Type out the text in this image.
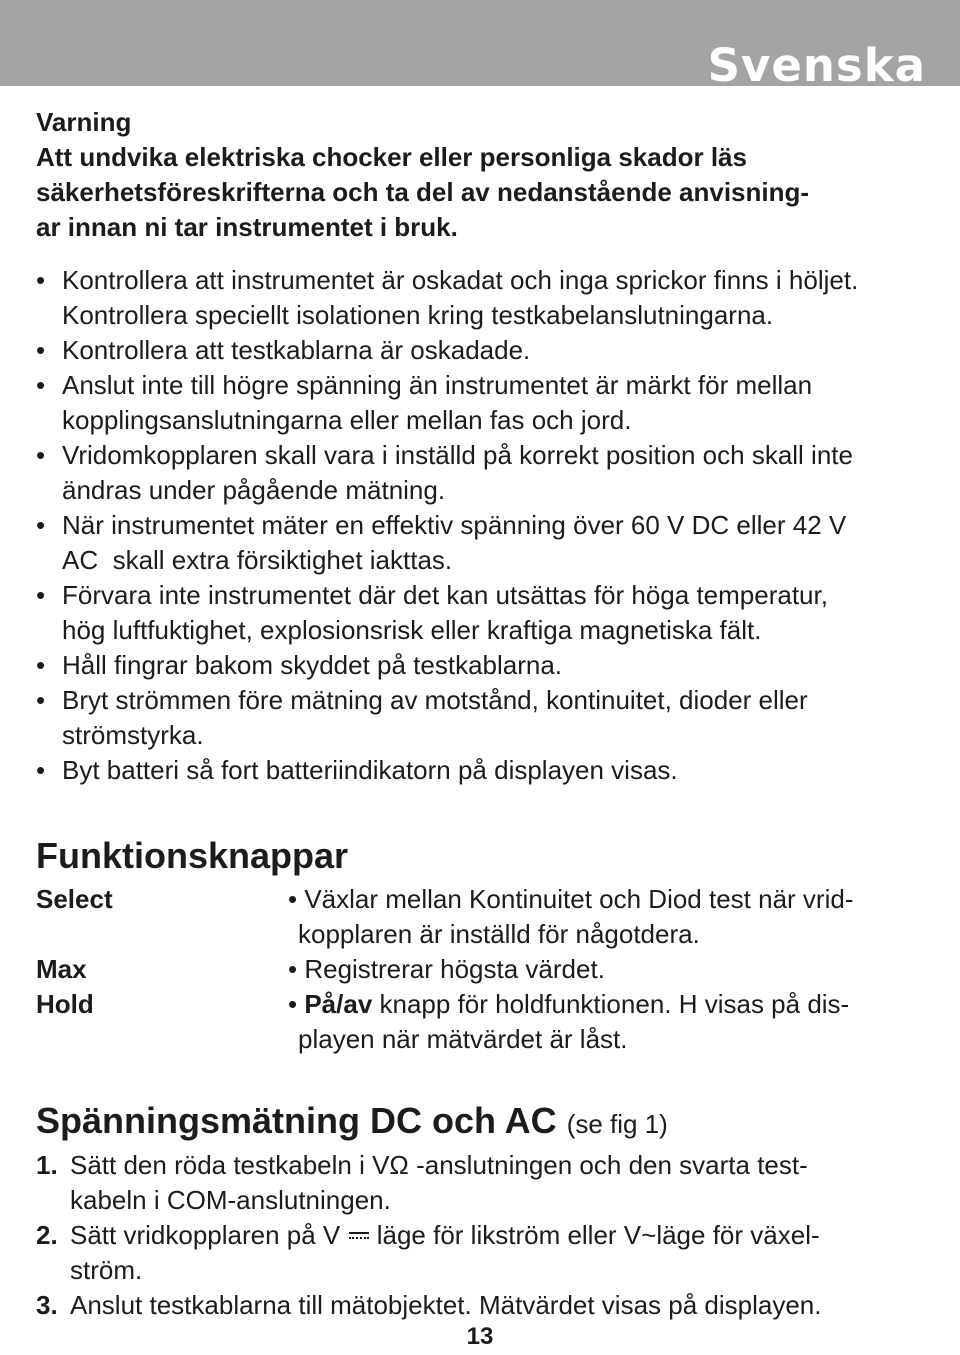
Svenska

Varning

Att undvika elektriska chocker eller personliga skador läs
säkerhetsföreskrifterna och ta del av nedanstående anvisning-
ar innan ni tar instrumentet i bruk.

• Kontrollera att instrumentet är oskadat och inga sprickor finns i höljet.
Kontrollera speciellt isolationen kring testkabelanslutningarna.
• Kontrollera att testkablarna är oskadade.
• Anslut inte till högre spänning än instrumentet är märkt för mellan
kopplingsanslutningarna eller mellan fas och jord.
• Vridomkopplaren skall vara i inställd på korrekt position och skall inte
ändras under pågående mätning.
• När instrumentet mäter en effektiv spänning över 60 V DC eller 42 V
AC  skall extra försiktighet iakttas.
• Förvara inte instrumentet där det kan utsättas för höga temperatur,
hög luftfuktighet, explosionsrisk eller kraftiga magnetiska fält.
• Håll fingrar bakom skyddet på testkablarna.
• Bryt strömmen före mätning av motstånd, kontinuitet, dioder eller
strömstyrka.
• Byt batteri så fort batteriindikatorn på displayen visas.
Funktionsknappar
Select	• Växlar mellan Kontinuitet och Diod test när vrid-
kopplaren är inställd för någotdera.
Max	• Registrerar högsta värdet.
Hold	• På/av knapp för holdfunktionen. H visas på dis-
playen när mätvärdet är låst.
Spänningsmätning DC och AC (se fig 1)
1. Sätt den röda testkabeln i VΩ -anslutningen och den svarta test-
kabeln i COM-anslutningen.
2. Sätt vridkopplaren på V  läge för likström eller V~läge för växel-
ström.
3. Anslut testkablarna till mätobjektet. Mätvärdet visas på displayen.
13
